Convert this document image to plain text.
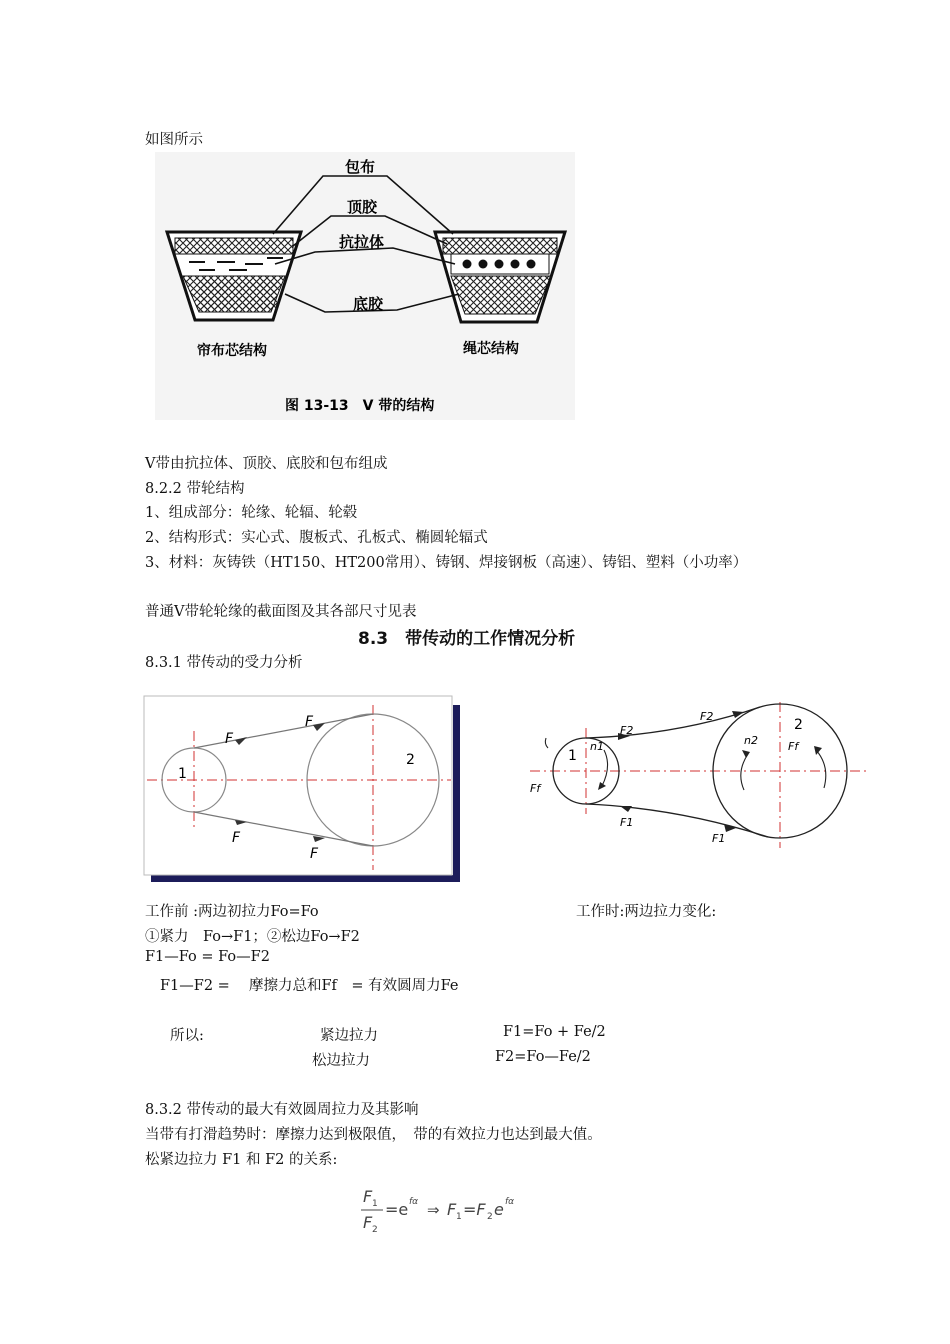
如图所示
包布
顶胶
抗拉体
底胶
帘布芯结构	绳芯结构
图 13-13　V 带的结构
V带由抗拉体、顶胶、底胶和包布组成
8.2.2 带轮结构
1、组成部分：轮缘、轮辐、轮毂
2、结构形式：实心式、腹板式、孔板式、椭圆轮辐式
3、材料：灰铸铁（HT150、HT200常用）、铸钢、焊接钢板（高速）、铸铝、塑料（小功率）
普通V带轮轮缘的截面图及其各部尺寸见表
8.3　带传动的工作情况分析
8.3.1 带传动的受力分析
1
2
F
F
F
F
1
2
n1	n2
F2
F2
F1
F1
Ff
Ff
工作前 :两边初拉力Fo=Fo	工作时:两边拉力变化:
①紧力　Fo→F1；②松边Fo→F2
F1—Fo = Fo—F2
F1—F2 =　 摩擦力总和Ff　= 有效圆周力Fe
所以:	紧边拉力	F1=Fo + Fe/2
松边拉力	F2=Fo—Fe/2
8.3.2 带传动的最大有效圆周拉力及其影响
当带有打滑趋势时：摩擦力达到极限值，　带的有效拉力也达到最大值。
松紧边拉力 F1 和 F2 的关系:
F 1
F 2
=e fα ⇒ F 1 =F 2 e fα
